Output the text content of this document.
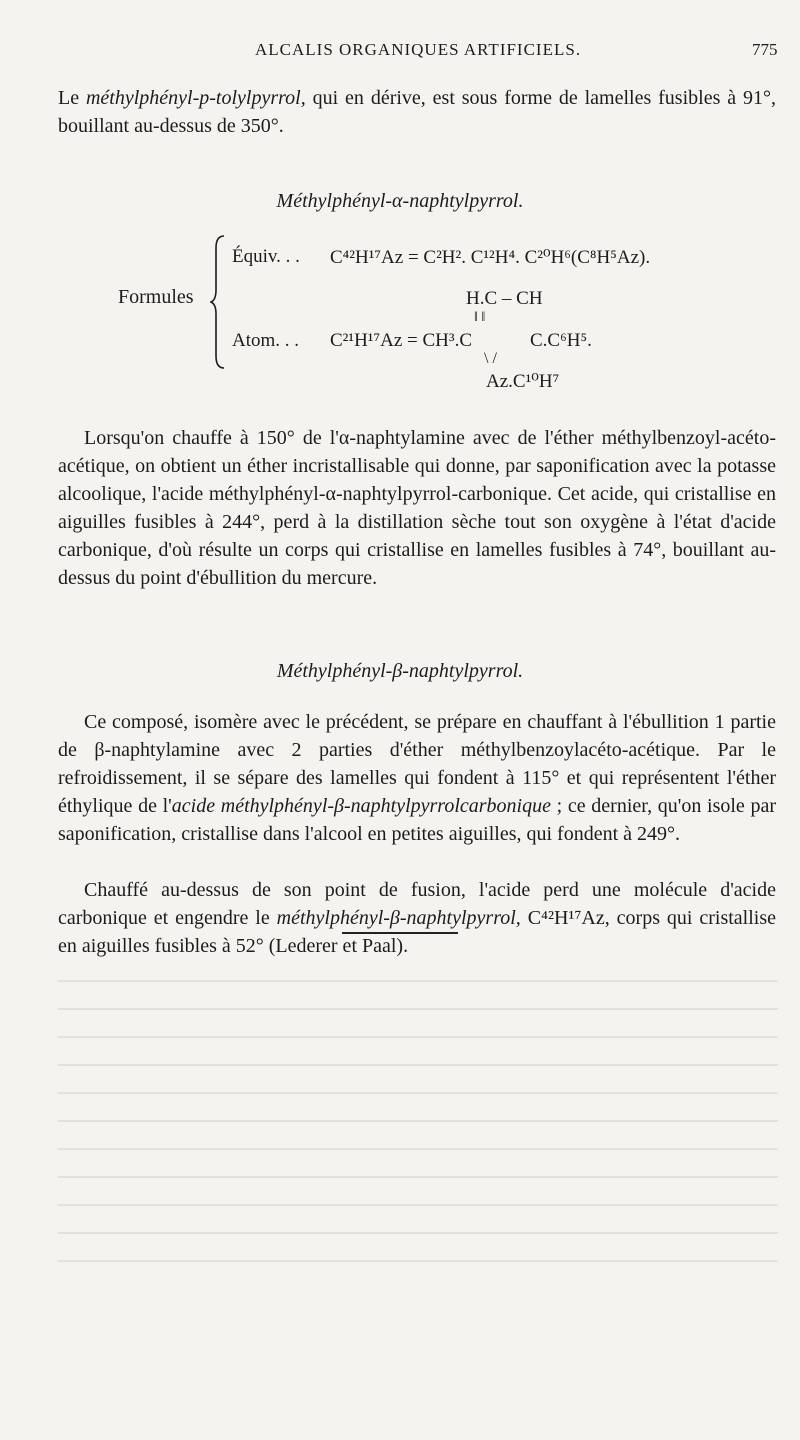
ALCALIS ORGANIQUES ARTIFICIELS.	775
Le méthylphényl-p-tolylpyrrol, qui en dérive, est sous forme de lamelles fusibles à 91°, bouillant au-dessus de 350°.
Méthylphényl-α-naphtylpyrrol.
Formules
Équiv. . . C⁴²H¹⁷Az = C²H². C¹²H⁴. C²⁰H⁶(C⁸H⁵Az).
H.C – CH
‖ ‖
Atom. . . C²¹H¹⁷Az = CH³.C	C.C⁶H⁵.
\ /
Az.C¹⁰H⁷
Lorsqu'on chauffe à 150° de l'α-naphtylamine avec de l'éther méthylbenzoyl-acéto-acétique, on obtient un éther incristallisable qui donne, par saponification avec la potasse alcoolique, l'acide méthylphényl-α-naphtylpyrrol-carbonique. Cet acide, qui cristallise en aiguilles fusibles à 244°, perd à la distillation sèche tout son oxygène à l'état d'acide carbonique, d'où résulte un corps qui cristallise en lamelles fusibles à 74°, bouillant au-dessus du point d'ébullition du mercure.
Méthylphényl-β-naphtylpyrrol.
Ce composé, isomère avec le précédent, se prépare en chauffant à l'ébullition 1 partie de β-naphtylamine avec 2 parties d'éther méthylbenzoylacéto-acétique. Par le refroidissement, il se sépare des lamelles qui fondent à 115° et qui représentent l'éther éthylique de l'acide méthylphényl-β-naphtylpyrrolcarbonique ; ce dernier, qu'on isole par saponification, cristallise dans l'alcool en petites aiguilles, qui fondent à 249°.
Chauffé au-dessus de son point de fusion, l'acide perd une molécule d'acide carbonique et engendre le méthylphényl-β-naphtylpyrrol, C⁴²H¹⁷Az, corps qui cristallise en aiguilles fusibles à 52° (Lederer et Paal).
